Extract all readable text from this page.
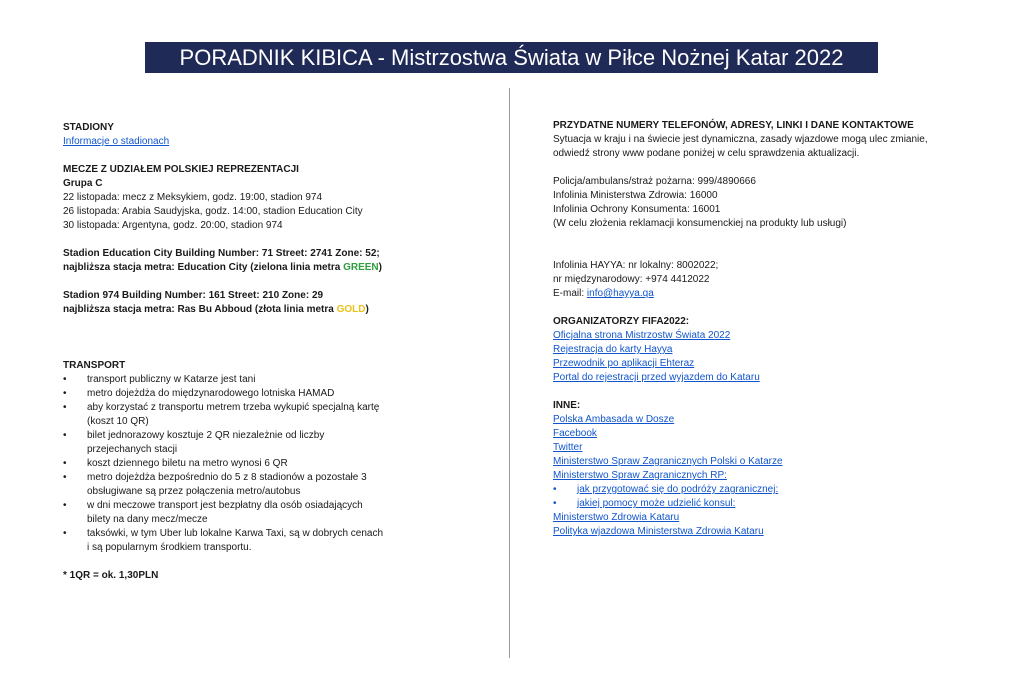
PORADNIK KIBICA - Mistrzostwa Świata w Piłce Nożnej Katar 2022
STADIONY
Informacje o stadionach
MECZE Z UDZIAŁEM POLSKIEJ REPREZENTACJI
Grupa C
22 listopada: mecz z Meksykiem, godz. 19:00, stadion 974
26 listopada: Arabia Saudyjska, godz. 14:00, stadion Education City
30 listopada: Argentyna, godz. 20:00, stadion 974
Stadion Education City Building Number: 71 Street: 2741 Zone: 52;
najbliższa stacja metra: Education City (zielona linia metra GREEN)
Stadion 974 Building Number: 161 Street: 210 Zone: 29
najbliższa stacja metra: Ras Bu Abboud (złota linia metra GOLD)
TRANSPORT
• transport publiczny w Katarze jest tani
• metro dojeżdża do międzynarodowego lotniska HAMAD
• aby korzystać z transportu metrem trzeba wykupić specjalną kartę (koszt 10 QR)
• bilet jednorazowy kosztuje 2 QR niezależnie od liczby przejechanych stacji
• koszt dziennego biletu na metro wynosi 6 QR
• metro dojeżdża bezpośrednio do 5 z 8 stadionów a pozostałe 3 obsługiwane są przez połączenia metro/autobus
• w dni meczowe transport jest bezpłatny dla osób osiadających bilety na dany mecz/mecze
• taksówki, w tym Uber lub lokalne Karwa Taxi, są w dobrych cenach i są popularnym środkiem transportu.
* 1QR = ok. 1,30PLN
PRZYDATNE NUMERY TELEFONÓW, ADRESY, LINKI I DANE KONTAKTOWE
Sytuacja w kraju i na świecie jest dynamiczna, zasady wjazdowe mogą ulec zmianie, odwiedź strony www podane poniżej w celu sprawdzenia aktualizacji.
Policja/ambulans/straż pożarna: 999/4890666
Infolinia Ministerstwa Zdrowia: 16000
Infolinia Ochrony Konsumenta: 16001
(W celu złożenia reklamacji konsumenckiej na produkty lub usługi)
Infolinia HAYYA: nr lokalny: 8002022;
nr międzynarodowy: +974 4412022
E-mail: info@hayya.qa
ORGANIZATORZY FIFA2022:
Oficjalna strona Mistrzostw Świata 2022
Rejestracja do karty Hayya
Przewodnik po aplikacji Ehteraz
Portal do rejestracji przed wyjazdem do Kataru
INNE:
Polska Ambasada w Dosze
Facebook
Twitter
Ministerstwo Spraw Zagranicznych Polski o Katarze
Ministerstwo Spraw Zagranicznych RP:
• jak przygotować się do podróży zagranicznej:
• jakiej pomocy może udzielić konsul:
Ministerstwo Zdrowia Kataru
Polityka wjazdowa Ministerstwa Zdrowia Kataru
